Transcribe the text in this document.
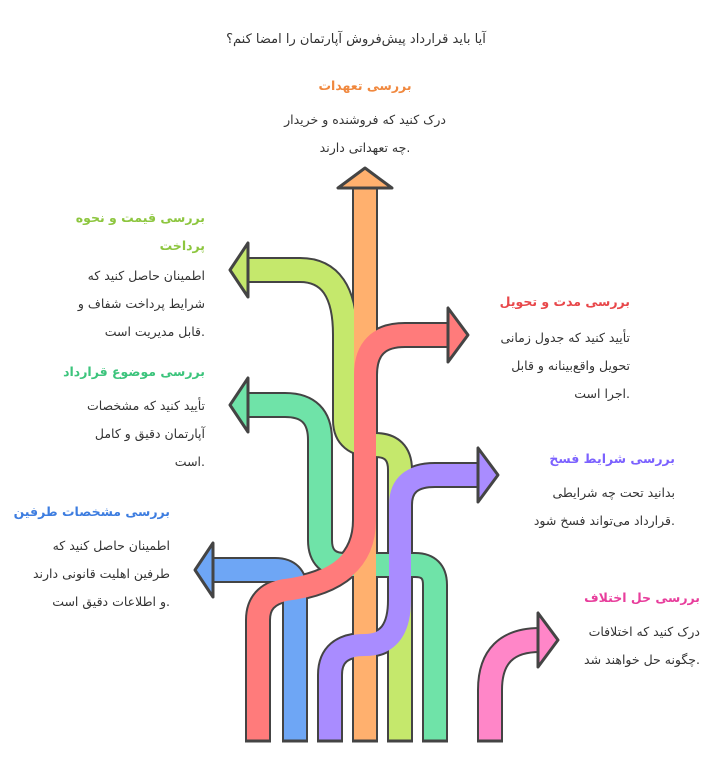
آیا باید قرارداد پیش‌فروش آپارتمان را امضا کنم؟
بررسی تعهدات
درک کنید که فروشنده و خریدار
.چه تعهداتی دارند
بررسی قیمت و نحوه
پرداخت
اطمینان حاصل کنید که
شرایط پرداخت شفاف و
.قابل مدیریت است
بررسی مدت و تحویل
تأیید کنید که جدول زمانی
تحویل واقع‌بینانه و قابل
.اجرا است
بررسی موضوع قرارداد
تأیید کنید که مشخصات
آپارتمان دقیق و کامل
.است	بررسی شرایط فسخ
بدانید تحت چه شرایطی
.قرارداد می‌تواند فسخ شود
بررسی مشخصات طرفین
اطمینان حاصل کنید که
طرفین اهلیت قانونی دارند
.و اطلاعات دقیق است	بررسی حل اختلاف
درک کنید که اختلافات
.چگونه حل خواهند شد
